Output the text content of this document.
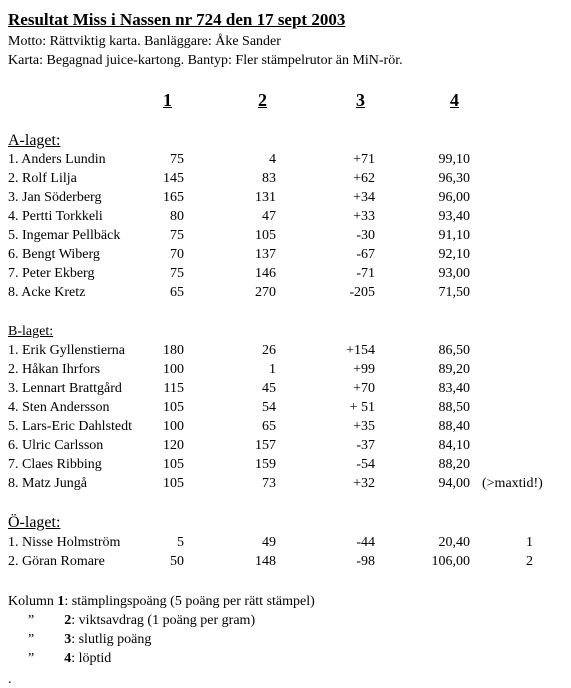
Resultat Miss i Nassen nr 724 den 17 sept 2003
Motto: Rättviktig karta. Banläggare: Åke Sander
Karta: Begagnad juice-kartong. Bantyp: Fler stämpelrutor än MiN-rör.
1	2	3	4
A-laget:
1. Anders Lundin	75	4	+71	99,10
2. Rolf Lilja	145	83	+62	96,30
3. Jan Söderberg	165	131	+34	96,00
4. Pertti Torkkeli	80	47	+33	93,40
5. Ingemar Pellbäck	75	105	-30	91,10
6. Bengt Wiberg	70	137	-67	92,10
7. Peter Ekberg	75	146	-71	93,00
8. Acke Kretz	65	270	-205	71,50
B-laget:
1. Erik Gyllenstierna	180	26	+154	86,50
2. Håkan Ihrfors	100	1	+99	89,20
3. Lennart Brattgård	115	45	+70	83,40
4. Sten Andersson	105	54	+ 51	88,50
5. Lars-Eric Dahlstedt	100	65	+35	88,40
6. Ulric Carlsson	120	157	-37	84,10
7. Claes Ribbing	105	159	-54	88,20
8. Matz Jungå	105	73	+32	94,00 (>maxtid!)
Ö-laget:
1. Nisse Holmström	5	49	-44	20,40	1
2. Göran Romare	50	148	-98	106,00	2
Kolumn 1: stämplingspoäng (5 poäng per rätt stämpel)
” 2: viktsavdrag (1 poäng per gram)
” 3: slutlig poäng
” 4: löptid
.
